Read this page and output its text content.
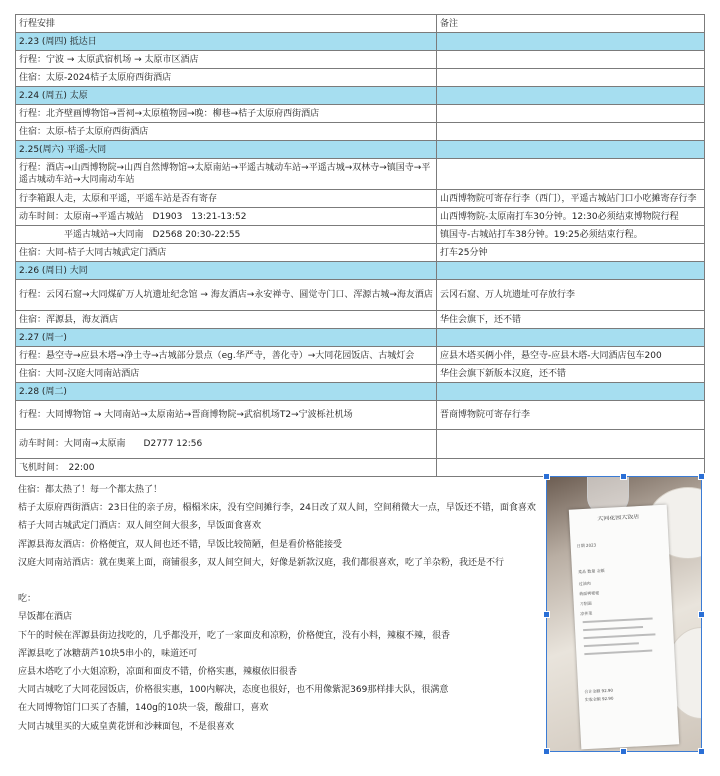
行程安排	备注
2.23 (周四) 抵达日	
行程：宁波 → 太原武宿机场 → 太原市区酒店	
住宿：太原-2024桔子太原府西街酒店	
2.24 (周五) 太原	
行程：北齐壁画博物馆→晋祠→太原植物园→晚：柳巷→桔子太原府西街酒店	
住宿：太原-桔子太原府西街酒店	
2.25(周六) 平遥-大同	
行程：酒店→山西博物院→山西自然博物馆→太原南站→平遥古城动车站→平遥古城→双林寺→镇国寺→平遥古城动车站→大同南动车站	
行李箱跟人走，太原和平遥，平遥车站是否有寄存	山西博物院可寄存行李（西门），平遥古城站门口小吃摊寄存行李
动车时间：太原南→平遥古城站　D1903　13:21-13:52	山西博物院-太原南打车30分钟。12:30必须结束博物院行程
　　　　　平遥古城站→大同南　D2568 20:30-22:55	镇国寺-古城站打车38分钟。19:25必须结束行程。
住宿：大同-桔子大同古城武定门酒店	打车25分钟
2.26 (周日) 大同	
行程：云冈石窟→大同煤矿万人坑遗址纪念馆 → 海友酒店→永安禅寺、圆觉寺门口、浑源古城→海友酒店	云冈石窟、万人坑遗址可存放行李
住宿：浑源县，海友酒店	华住会旗下，还不错
2.27 (周一)	
行程：悬空寺→应县木塔→净土寺→古城部分景点（eg.华严寺，善化寺）→大同花园饭店、古城灯会	应县木塔买俩小伴，悬空寺-应县木塔-大同酒店包车200
住宿：大同-汉庭大同南站酒店	华住会旗下新版本汉庭，还不错
2.28 (周二)	
行程：大同博物馆 → 大同南站→太原南站→晋商博物院→武宿机场T2→宁波栎社机场	晋商博物院可寄存行李
动车时间：大同南→太原南　　D2777 12:56	
飞机时间：　22:00	
住宿：都太热了！每一个都太热了！
桔子太原府西街酒店：23日住的亲子房，榻榻米床，没有空间摊行李，24日改了双人间，空间稍微大一点，早饭还不错，面食喜欢
桔子大同古城武定门酒店：双人间空间大很多，早饭面食喜欢
浑源县海友酒店：价格便宜，双人间也还不错，早饭比较简陋，但是看价格能接受
汉庭大同南站酒店：就在奥莱上面，商铺很多，双人间空间大，好像是新款汉庭，我们都很喜欢，吃了羊杂粉，我还是不行
吃：
早饭都在酒店
下午的时候在浑源县街边找吃的，几乎都没开，吃了一家面皮和凉粉，价格便宜，没有小料，辣椒不辣，很香
浑源县吃了冰糖葫芦10块5串小的，味道还可
应县木塔吃了小大姐凉粉，凉面和面皮不错，价格实惠，辣椒依旧很香
大同古城吃了大同花园饭店，价格很实惠，100内解决，态度也很好，也不用像紫泥369那样排大队，很满意
在大同博物馆门口买了杏脯，140g的10块一袋，酸甜口，喜欢
大同古城里买的大威皇黄花饼和沙棘面包，不是很喜欢
大同花园大饭店
日期 2023
菜品 数量 金额
过油肉
莜面栲栳栳
刀削面
凉拌菜
合计金额 92.90
实收金额 92.90
